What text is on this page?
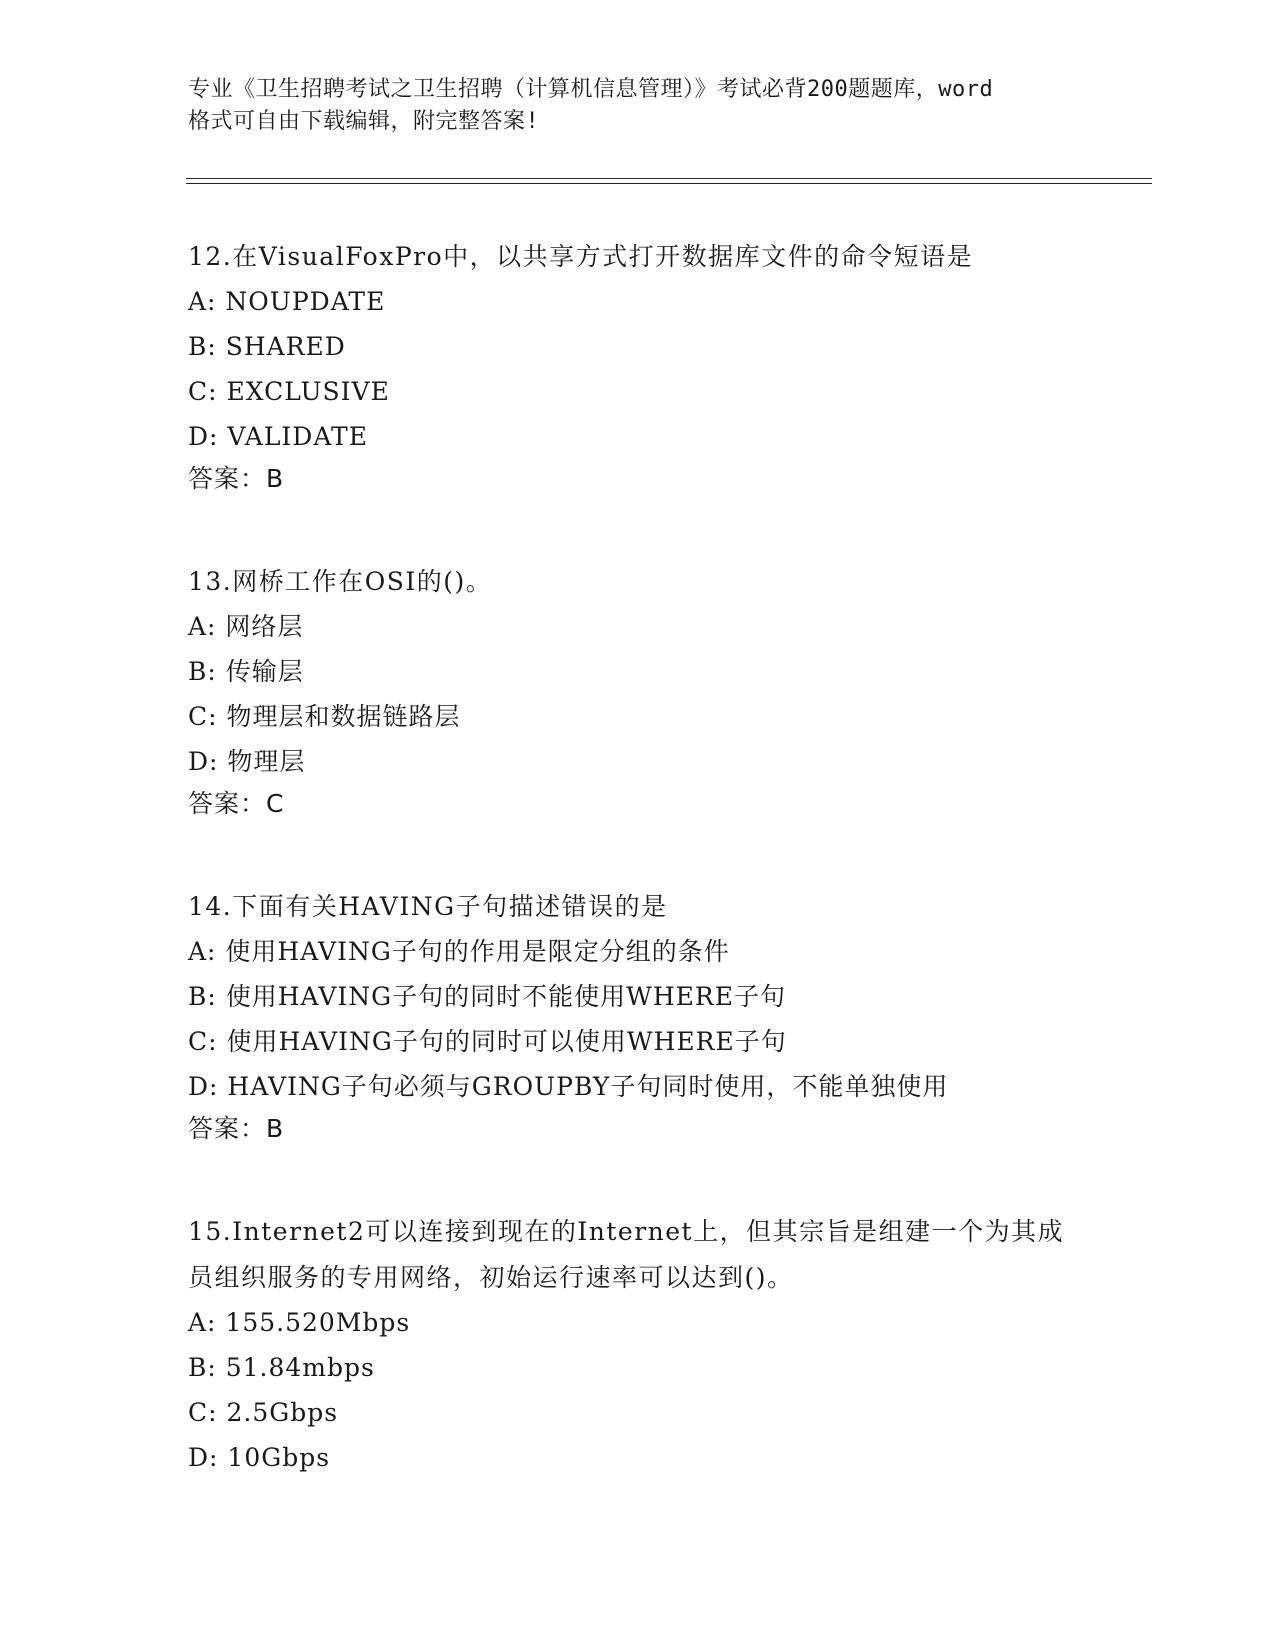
专业《卫生招聘考试之卫生招聘（计算机信息管理）》考试必背200题题库，word
格式可自由下载编辑，附完整答案!
12.在VisualFoxPro中，以共享方式打开数据库文件的命令短语是
A: NOUPDATE
B: SHARED
C: EXCLUSIVE
D: VALIDATE
答案：B
13.网桥工作在OSI的()。
A: 网络层
B: 传输层
C: 物理层和数据链路层
D: 物理层
答案：C
14.下面有关HAVING子句描述错误的是
A: 使用HAVING子句的作用是限定分组的条件
B: 使用HAVING子句的同时不能使用WHERE子句
C: 使用HAVING子句的同时可以使用WHERE子句
D: HAVING子句必须与GROUPBY子句同时使用，不能单独使用
答案：B
15.Internet2可以连接到现在的Internet上，但其宗旨是组建一个为其成员组织服务的专用网络，初始运行速率可以达到()。
A: 155.520Mbps
B: 51.84mbps
C: 2.5Gbps
D: 10Gbps
